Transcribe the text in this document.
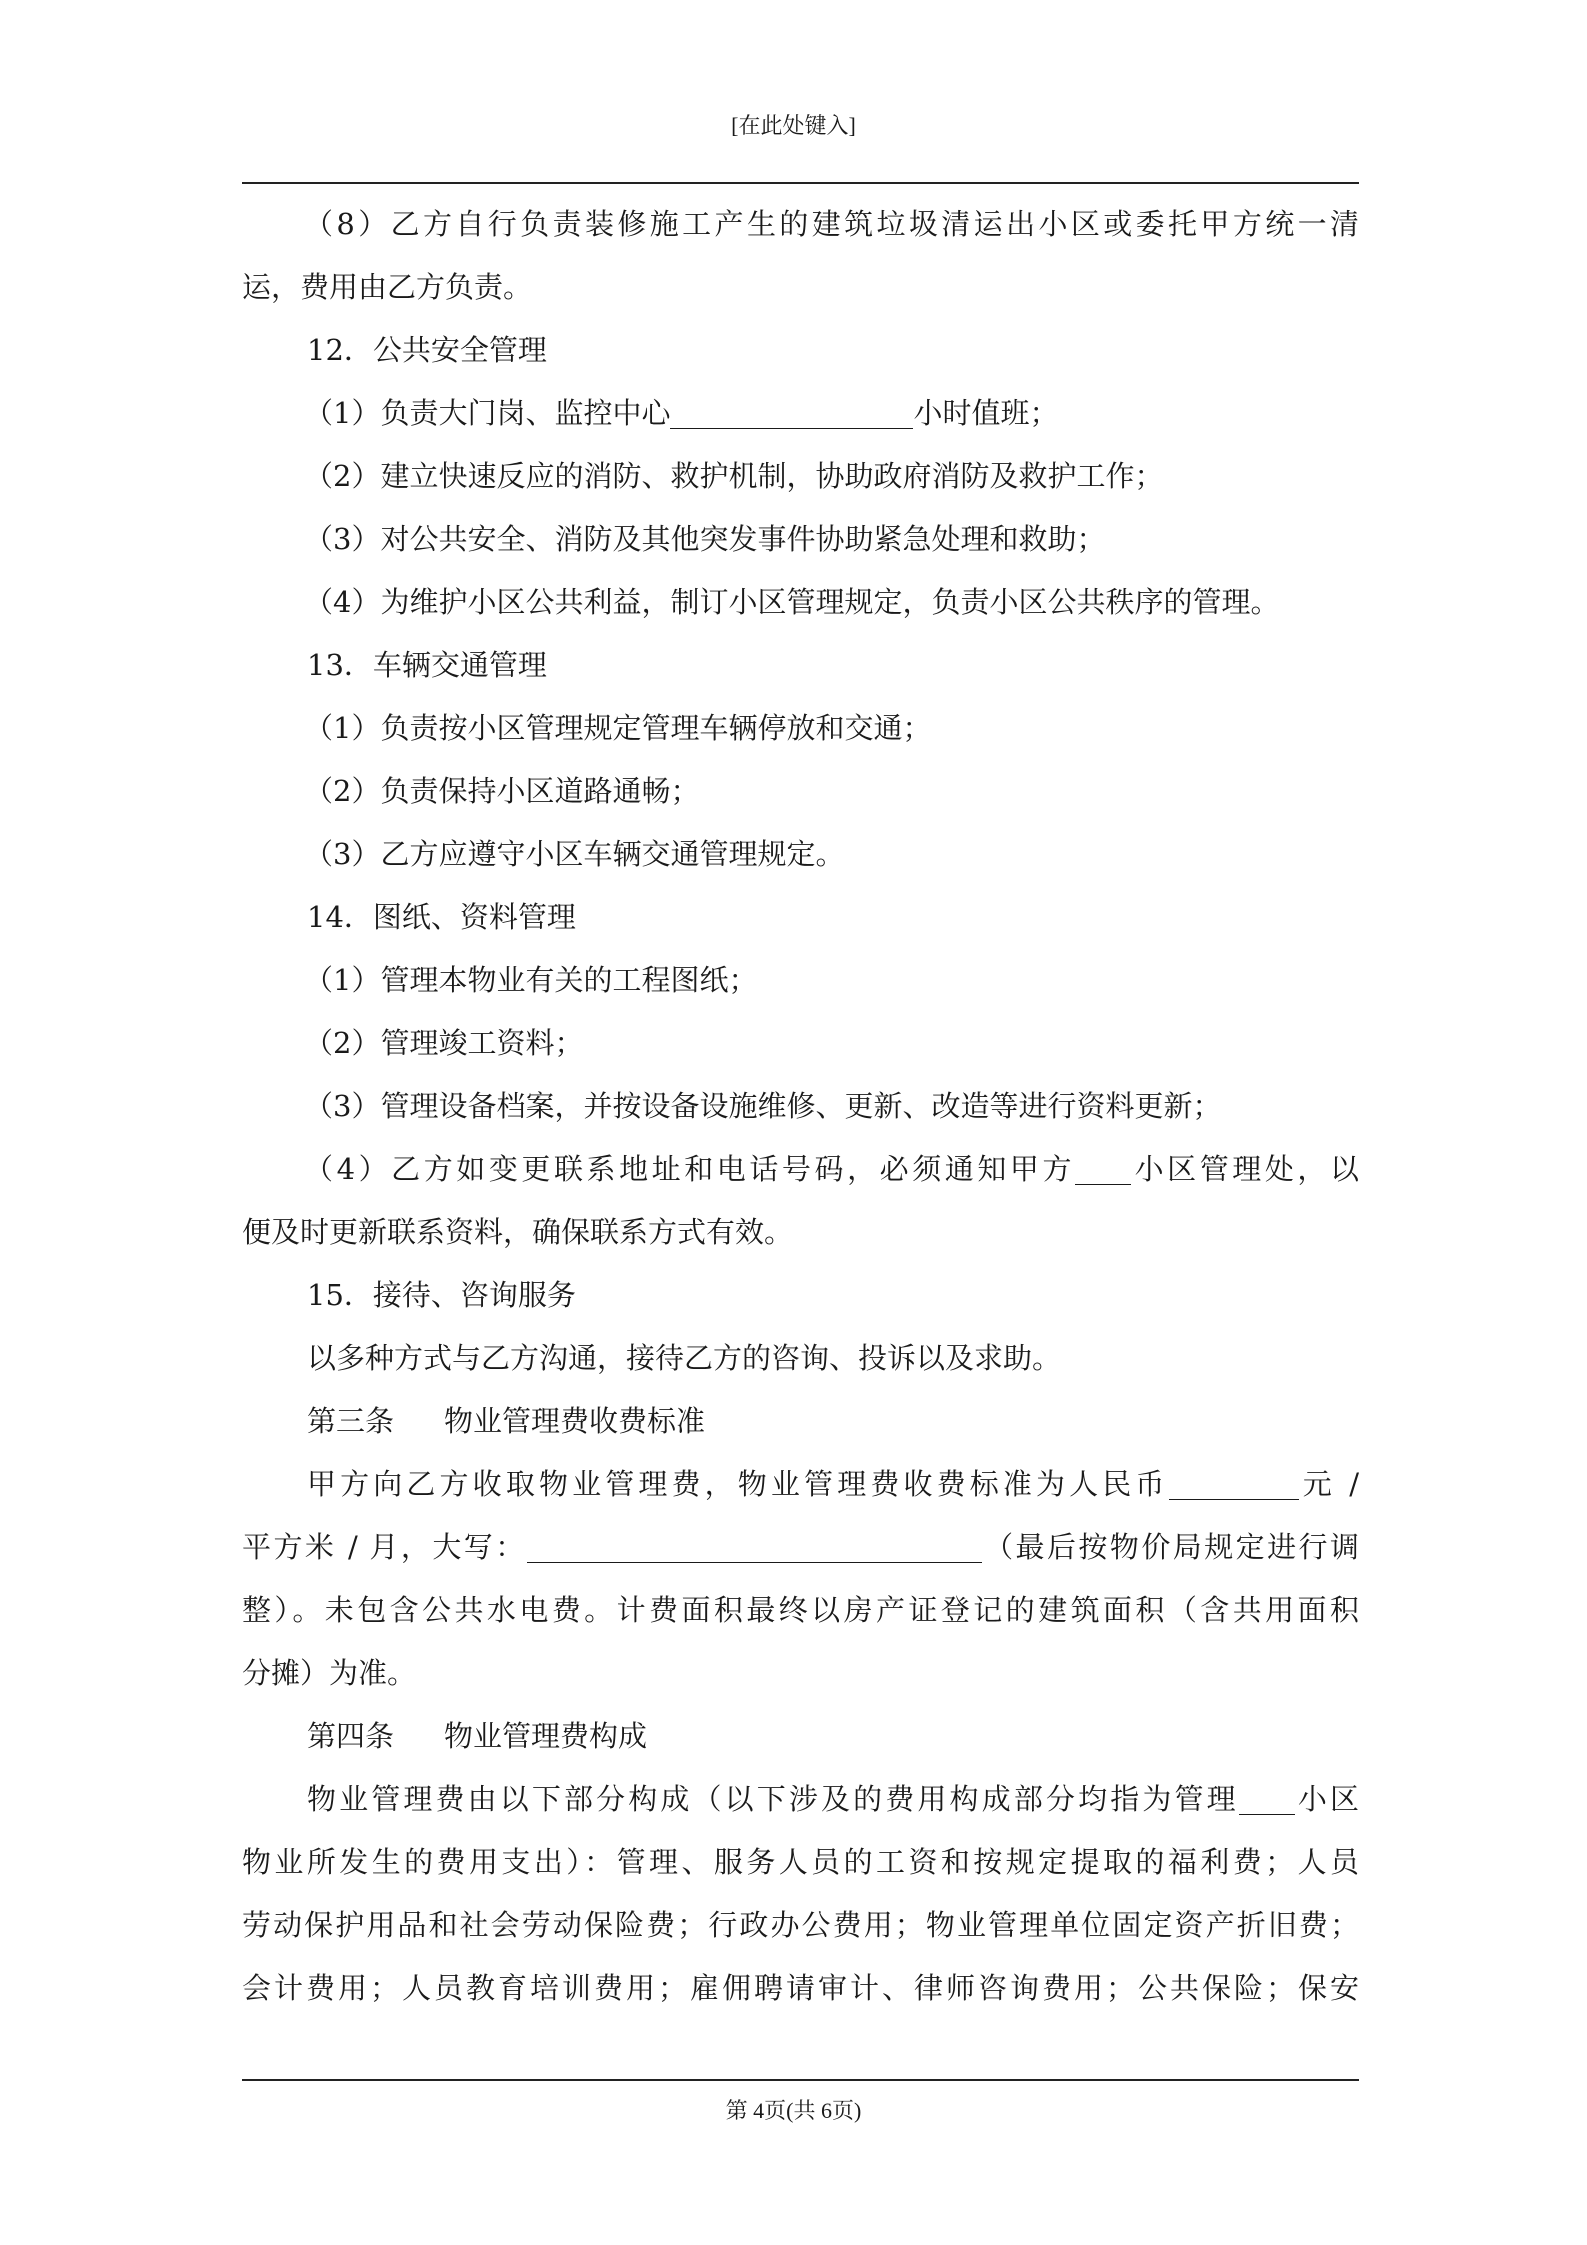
[在此处键入]

（8）乙方自行负责装修施工产生的建筑垃圾清运出小区或委托甲方统一清

运，费用由乙方负责。

12．公共安全管理

（1）负责大门岗、监控中心	小时值班；

（2）建立快速反应的消防、救护机制，协助政府消防及救护工作；

（3）对公共安全、消防及其他突发事件协助紧急处理和救助；

（4）为维护小区公共利益，制订小区管理规定，负责小区公共秩序的管理。

13．车辆交通管理

（1）负责按小区管理规定管理车辆停放和交通；

（2）负责保持小区道路通畅；

（3）乙方应遵守小区车辆交通管理规定。

14．图纸、资料管理

（1）管理本物业有关的工程图纸；

（2）管理竣工资料；

（3）管理设备档案，并按设备设施维修、更新、改造等进行资料更新；

（4）乙方如变更联系地址和电话号码，必须通知甲方 小区管理处，以

便及时更新联系资料，确保联系方式有效。

15．接待、咨询服务

以多种方式与乙方沟通，接待乙方的咨询、投诉以及求助。

第三条 物业管理费收费标准

甲方向乙方收取物业管理费，物业管理费收费标准为人民币	元 /

平方米 / 月，大写：	（最后按物价局规定进行调

整）。未包含公共水电费。计费面积最终以房产证登记的建筑面积（含共用面积

分摊）为准。

第四条 物业管理费构成

物业管理费由以下部分构成（以下涉及的费用构成部分均指为管理 小区

物业所发生的费用支出）：管理、服务人员的工资和按规定提取的福利费；人员

劳动保护用品和社会劳动保险费；行政办公费用；物业管理单位固定资产折旧费；

会计费用；人员教育培训费用；雇佣聘请审计、律师咨询费用；公共保险；保安

第 4页(共 6页)
